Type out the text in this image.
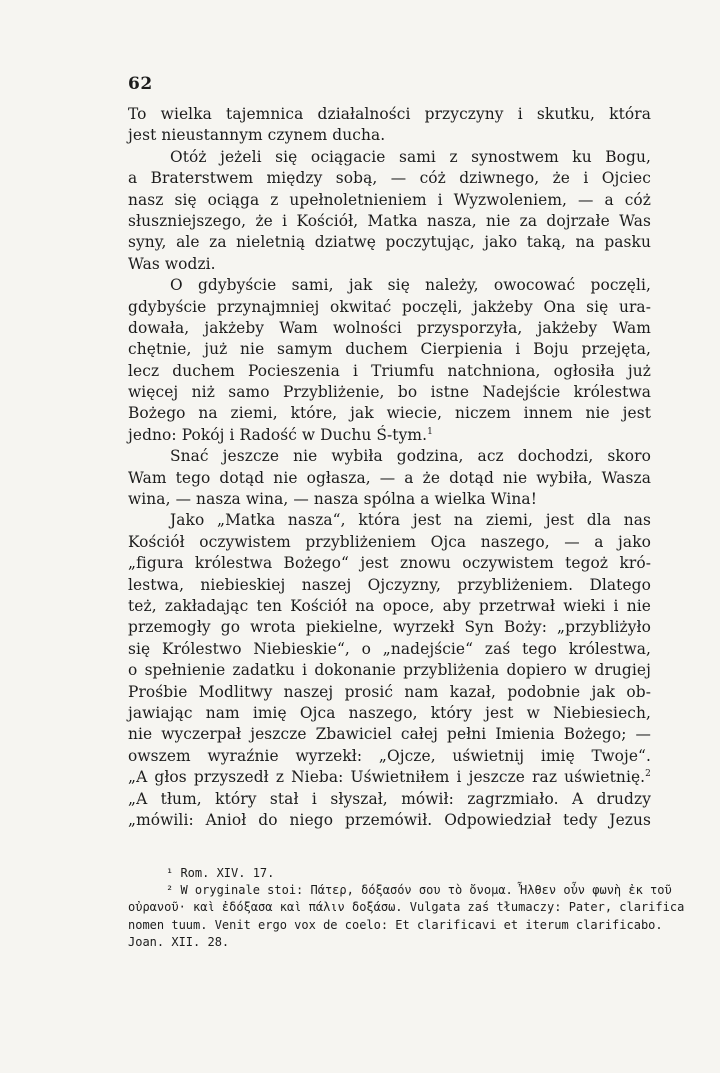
62
To wielka tajemnica działalności przyczyny i skutku, która
jest nieustannym czynem ducha.
Otóż jeżeli się ociągacie sami z synostwem ku Bogu,
a Braterstwem między sobą, — cóż dziwnego, że i Ojciec
nasz się ociąga z upełnoletnieniem i Wyzwoleniem, — a cóż
słuszniejszego, że i Kościół, Matka nasza, nie za dojrzałe Was
syny, ale za nieletnią dziatwę poczytując, jako taką, na pasku
Was wodzi.
O gdybyście sami, jak się należy, owocować poczęli,
gdybyście przynajmniej okwitać poczęli, jakżeby Ona się ura-
dowała, jakżeby Wam wolności przysporzyła, jakżeby Wam
chętnie, już nie samym duchem Cierpienia i Boju przejęta,
lecz duchem Pocieszenia i Triumfu natchniona, ogłosiła już
więcej niż samo Przybliżenie, bo istne Nadejście królestwa
Bożego na ziemi, które, jak wiecie, niczem innem nie jest
jedno: Pokój i Radość w Duchu Ś-tym.$^1$
Snać jeszcze nie wybiła godzina, acz dochodzi, skoro
Wam tego dotąd nie ogłasza, — a że dotąd nie wybiła, Wasza
wina, — nasza wina, — nasza spólna a wielka Wina!
Jako „Matka nasza“, która jest na ziemi, jest dla nas
Kościół oczywistem przybliżeniem Ojca naszego, — a jako
„figura królestwa Bożego“ jest znowu oczywistem tegoż kró-
lestwa, niebieskiej naszej Ojczyzny, przybliżeniem. Dlatego
też, zakładając ten Kościół na opoce, aby przetrwał wieki i nie
przemogły go wrota piekielne, wyrzekł Syn Boży: „przybliżyło
się Królestwo Niebieskie“, o „nadejście“ zaś tego królestwa,
o spełnienie zadatku i dokonanie przybliżenia dopiero w drugiej
Prośbie Modlitwy naszej prosić nam kazał, podobnie jak ob-
jawiając nam imię Ojca naszego, który jest w Niebiesiech,
nie wyczerpał jeszcze Zbawiciel całej pełni Imienia Bożego; —
owszem wyraźnie wyrzekł: „Ojcze, uświetnij imię Twoje“.
„A głos przyszedł z Nieba: Uświetniłem i jeszcze raz uświetnię.$^2$
„A tłum, który stał i słyszał, mówił: zagrzmiało. A drudzy
„mówili: Anioł do niego przemówił. Odpowiedział tedy Jezus
¹ Rom. XIV. 17.
² W oryginale stoi: Πάτερ, δόξασόν σου τὸ ὄνομα. Ἦλθεν οὖν φωνὴ ἐκ τοῦ
οὐρανοῦ· καὶ ἐδόξασα καὶ πάλιν δοξάσω. Vulgata zaś tłumaczy: Pater, clarifica
nomen tuum. Venit ergo vox de coelo: Et clarificavi et iterum clarificabo.
Joan. XII. 28.
